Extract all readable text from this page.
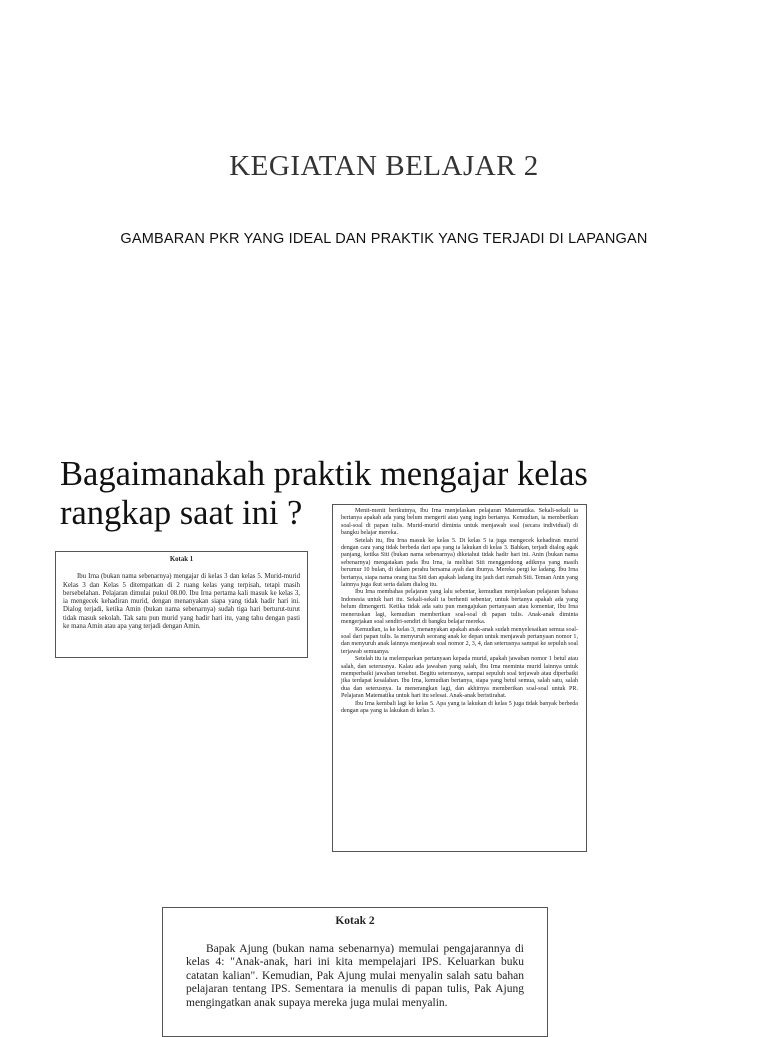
KEGIATAN BELAJAR 2
GAMBARAN PKR YANG IDEAL DAN PRAKTIK YANG TERJADI DI LAPANGAN
Bagaimanakah praktik mengajar kelas
rangkap saat ini ?
Kotak 1

Ibu Irna (bukan nama sebenarnya) mengajar di kelas 3 dan kelas 5. Murid-murid Kelas 3 dan Kelas 5 ditempatkan di 2 ruang kelas yang terpisah, tetapi masih bersebelahan. Pelajaran dimulai pukul 08.00. Ibu Irna pertama kali masuk ke kelas 3, ia mengecek kehadiran murid, dengan menanyakan siapa yang tidak hadir hari ini. Dialog terjadi, ketika Amin (bukan nama sebenarnya) sudah tiga hari berturut-turut tidak masuk sekolah. Tak satu pun murid yang hadir hari itu, yang tahu dengan pasti ke mana Amin atau apa yang terjadi dengan Amin.

Menit-menit berikutnya, Ibu Irna menjelaskan pelajaran Matematika. Sekali-sekali ia bertanya apakah ada yang belum mengerti atau yang ingin bertanya. Kemudian, ia memberikan soal-soal di papan tulis. Murid-murid diminta untuk menjawab soal (secara individual) di bangku belajar mereka.

Setelah itu, Ibu Irna masuk ke kelas 5. Di kelas 5 ia juga mengecek kehadiran murid dengan cara yang tidak berbeda dari apa yang ia lakukan di kelas 3. Bahkan, terjadi dialog agak panjang, ketika Siti (bukan nama sebenarnya) diketahui tidak hadir hari ini. Anin (bukan nama sebenarnya) mengatakan pada Ibu Irna, ia melihat Siti menggendong adiknya yang masih berumur 10 bulan, di dalam perahu bersama ayah dan ibunya. Mereka pergi ke ladang. Ibu Irna bertanya, siapa nama orang tua Siti dan apakah ladang itu jauh dari rumah Siti. Teman Anin yang lainnya juga ikut serta dalam dialog itu.

Ibu Irna membahas pelajaran yang lalu sebentar, kemudian menjelaskan pelajaran bahasa Indonesia untuk hari itu. Sekali-sekali ia berhenti sebentar, untuk bertanya apakah ada yang belum dimengerti. Ketika tidak ada satu pun mengajukan pertanyaan atau komentar, Ibu Irna meneruskan lagi, kemudian memberikan soal-soal di papan tulis. Anak-anak diminta mengerjakan soal sendiri-sendiri di bangku belajar mereka.

Kemudian, ia ke kelas 3, menanyakan apakah anak-anak sudah menyelesaikan semua soal-soal dari papan tulis. Ia menyuruh seorang anak ke depan untuk menjawab pertanyaan nomor 1, dan menyuruh anak lainnya menjawab soal nomor 2, 3, 4, dan seterusnya sampai ke sepuluh soal terjawab semuanya.

Setelah itu ia melemparkan pertanyaan kepada murid, apakah jawaban nomor 1 betul atau salah, dan seterusnya. Kalau ada jawaban yang salah, Ibu Irna meminta murid lainnya untuk memperbaiki jawaban tersebut. Begitu seterusnya, sampai sepuluh soal terjawab atau diperbaiki jika terdapat kesalahan. Ibu Irna, kemudian bertanya, siapa yang betul semua, salah satu, salah dua dan seterusnya. Ia menerangkan lagi, dan akhirnya memberikan soal-soal untuk PR. Pelajaran Matematika untuk hari itu selesai. Anak-anak beristirahat.

Ibu Irna kembali lagi ke kelas 5. Apa yang ia lakukan di kelas 5 juga tidak banyak berbeda dengan apa yang ia lakukan di kelas 3.

Kotak 2

Bapak Ajung (bukan nama sebenarnya) memulai pengajarannya di kelas 4: "Anak-anak, hari ini kita mempelajari IPS. Keluarkan buku catatan kalian". Kemudian, Pak Ajung mulai menyalin salah satu bahan pelajaran tentang IPS. Sementara ia menulis di papan tulis, Pak Ajung mengingatkan anak supaya mereka juga mulai menyalin.
